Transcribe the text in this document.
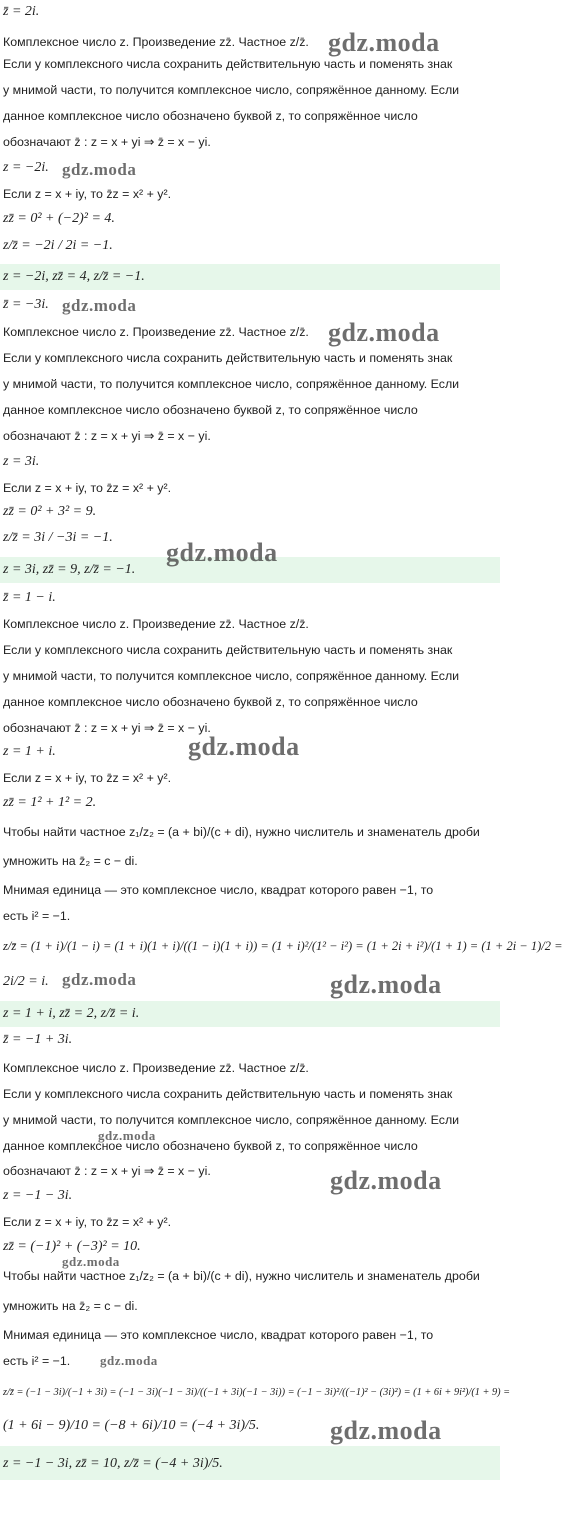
z̄ = 2i.
Комплексное число z. Произведение zz̄. Частное z/z̄.
Если у комплексного числа сохранить действительную часть и поменять знак
у мнимой части, то получится комплексное число, сопряжённое данному. Если
данное комплексное число обозначено буквой z, то сопряжённое число
обозначают z̄ : z = x + yi ⇒ z̄ = x − yi.
z = −2i.
Если z = x + iy, то z̄z = x² + y².
zz̄ = 0² + (−2)² = 4.
z/z̄ = −2i / 2i = −1.
z = −2i, zz̄ = 4, z/z̄ = −1.
z̄ = −3i.
Комплексное число z. Произведение zz̄. Частное z/z̄.
Если у комплексного числа сохранить действительную часть и поменять знак
у мнимой части, то получится комплексное число, сопряжённое данному. Если
данное комплексное число обозначено буквой z, то сопряжённое число
обозначают z̄ : z = x + yi ⇒ z̄ = x − yi.
z = 3i.
Если z = x + iy, то z̄z = x² + y².
zz̄ = 0² + 3² = 9.
z/z̄ = 3i / −3i = −1.
z = 3i, zz̄ = 9, z/z̄ = −1.
z̄ = 1 − i.
Комплексное число z. Произведение zz̄. Частное z/z̄.
Если у комплексного числа сохранить действительную часть и поменять знак
у мнимой части, то получится комплексное число, сопряжённое данному. Если
данное комплексное число обозначено буквой z, то сопряжённое число
обозначают z̄ : z = x + yi ⇒ z̄ = x − yi.
z = 1 + i.
Если z = x + iy, то z̄z = x² + y².
zz̄ = 1² + 1² = 2.
Чтобы найти частное z₁/z₂ = (a + bi)/(c + di), нужно числитель и знаменатель дроби
умножить на z̄₂ = c − di.
Мнимая единица — это комплексное число, квадрат которого равен −1, то
есть i² = −1.
z/z̄ = (1 + i)/(1 − i) = (1 + i)(1 + i)/((1 − i)(1 + i)) = (1 + i)²/(1² − i²) = (1 + 2i + i²)/(1 + 1) = (1 + 2i − 1)/2 =
2i/2 = i.
z = 1 + i, zz̄ = 2, z/z̄ = i.
z̄ = −1 + 3i.
Комплексное число z. Произведение zz̄. Частное z/z̄.
Если у комплексного числа сохранить действительную часть и поменять знак
у мнимой части, то получится комплексное число, сопряжённое данному. Если
данное комплексное число обозначено буквой z, то сопряжённое число
обозначают z̄ : z = x + yi ⇒ z̄ = x − yi.
z = −1 − 3i.
Если z = x + iy, то z̄z = x² + y².
zz̄ = (−1)² + (−3)² = 10.
Чтобы найти частное z₁/z₂ = (a + bi)/(c + di), нужно числитель и знаменатель дроби
умножить на z̄₂ = c − di.
Мнимая единица — это комплексное число, квадрат которого равен −1, то
есть i² = −1.
z/z̄ = (−1 − 3i)/(−1 + 3i) = (−1 − 3i)(−1 − 3i)/((−1 + 3i)(−1 − 3i)) = (−1 − 3i)²/((−1)² − (3i)²) = (1 + 6i + 9i²)/(1 + 9) =
(1 + 6i − 9)/10 = (−8 + 6i)/10 = (−4 + 3i)/5.
z = −1 − 3i, zz̄ = 10, z/z̄ = (−4 + 3i)/5.
gdz.moda
gdz.moda
gdz.moda
gdz.moda
gdz.moda
gdz.moda
gdz.moda	gdz.moda
gdz.moda
gdz.moda
gdz.moda
gdz.moda
gdz.moda
